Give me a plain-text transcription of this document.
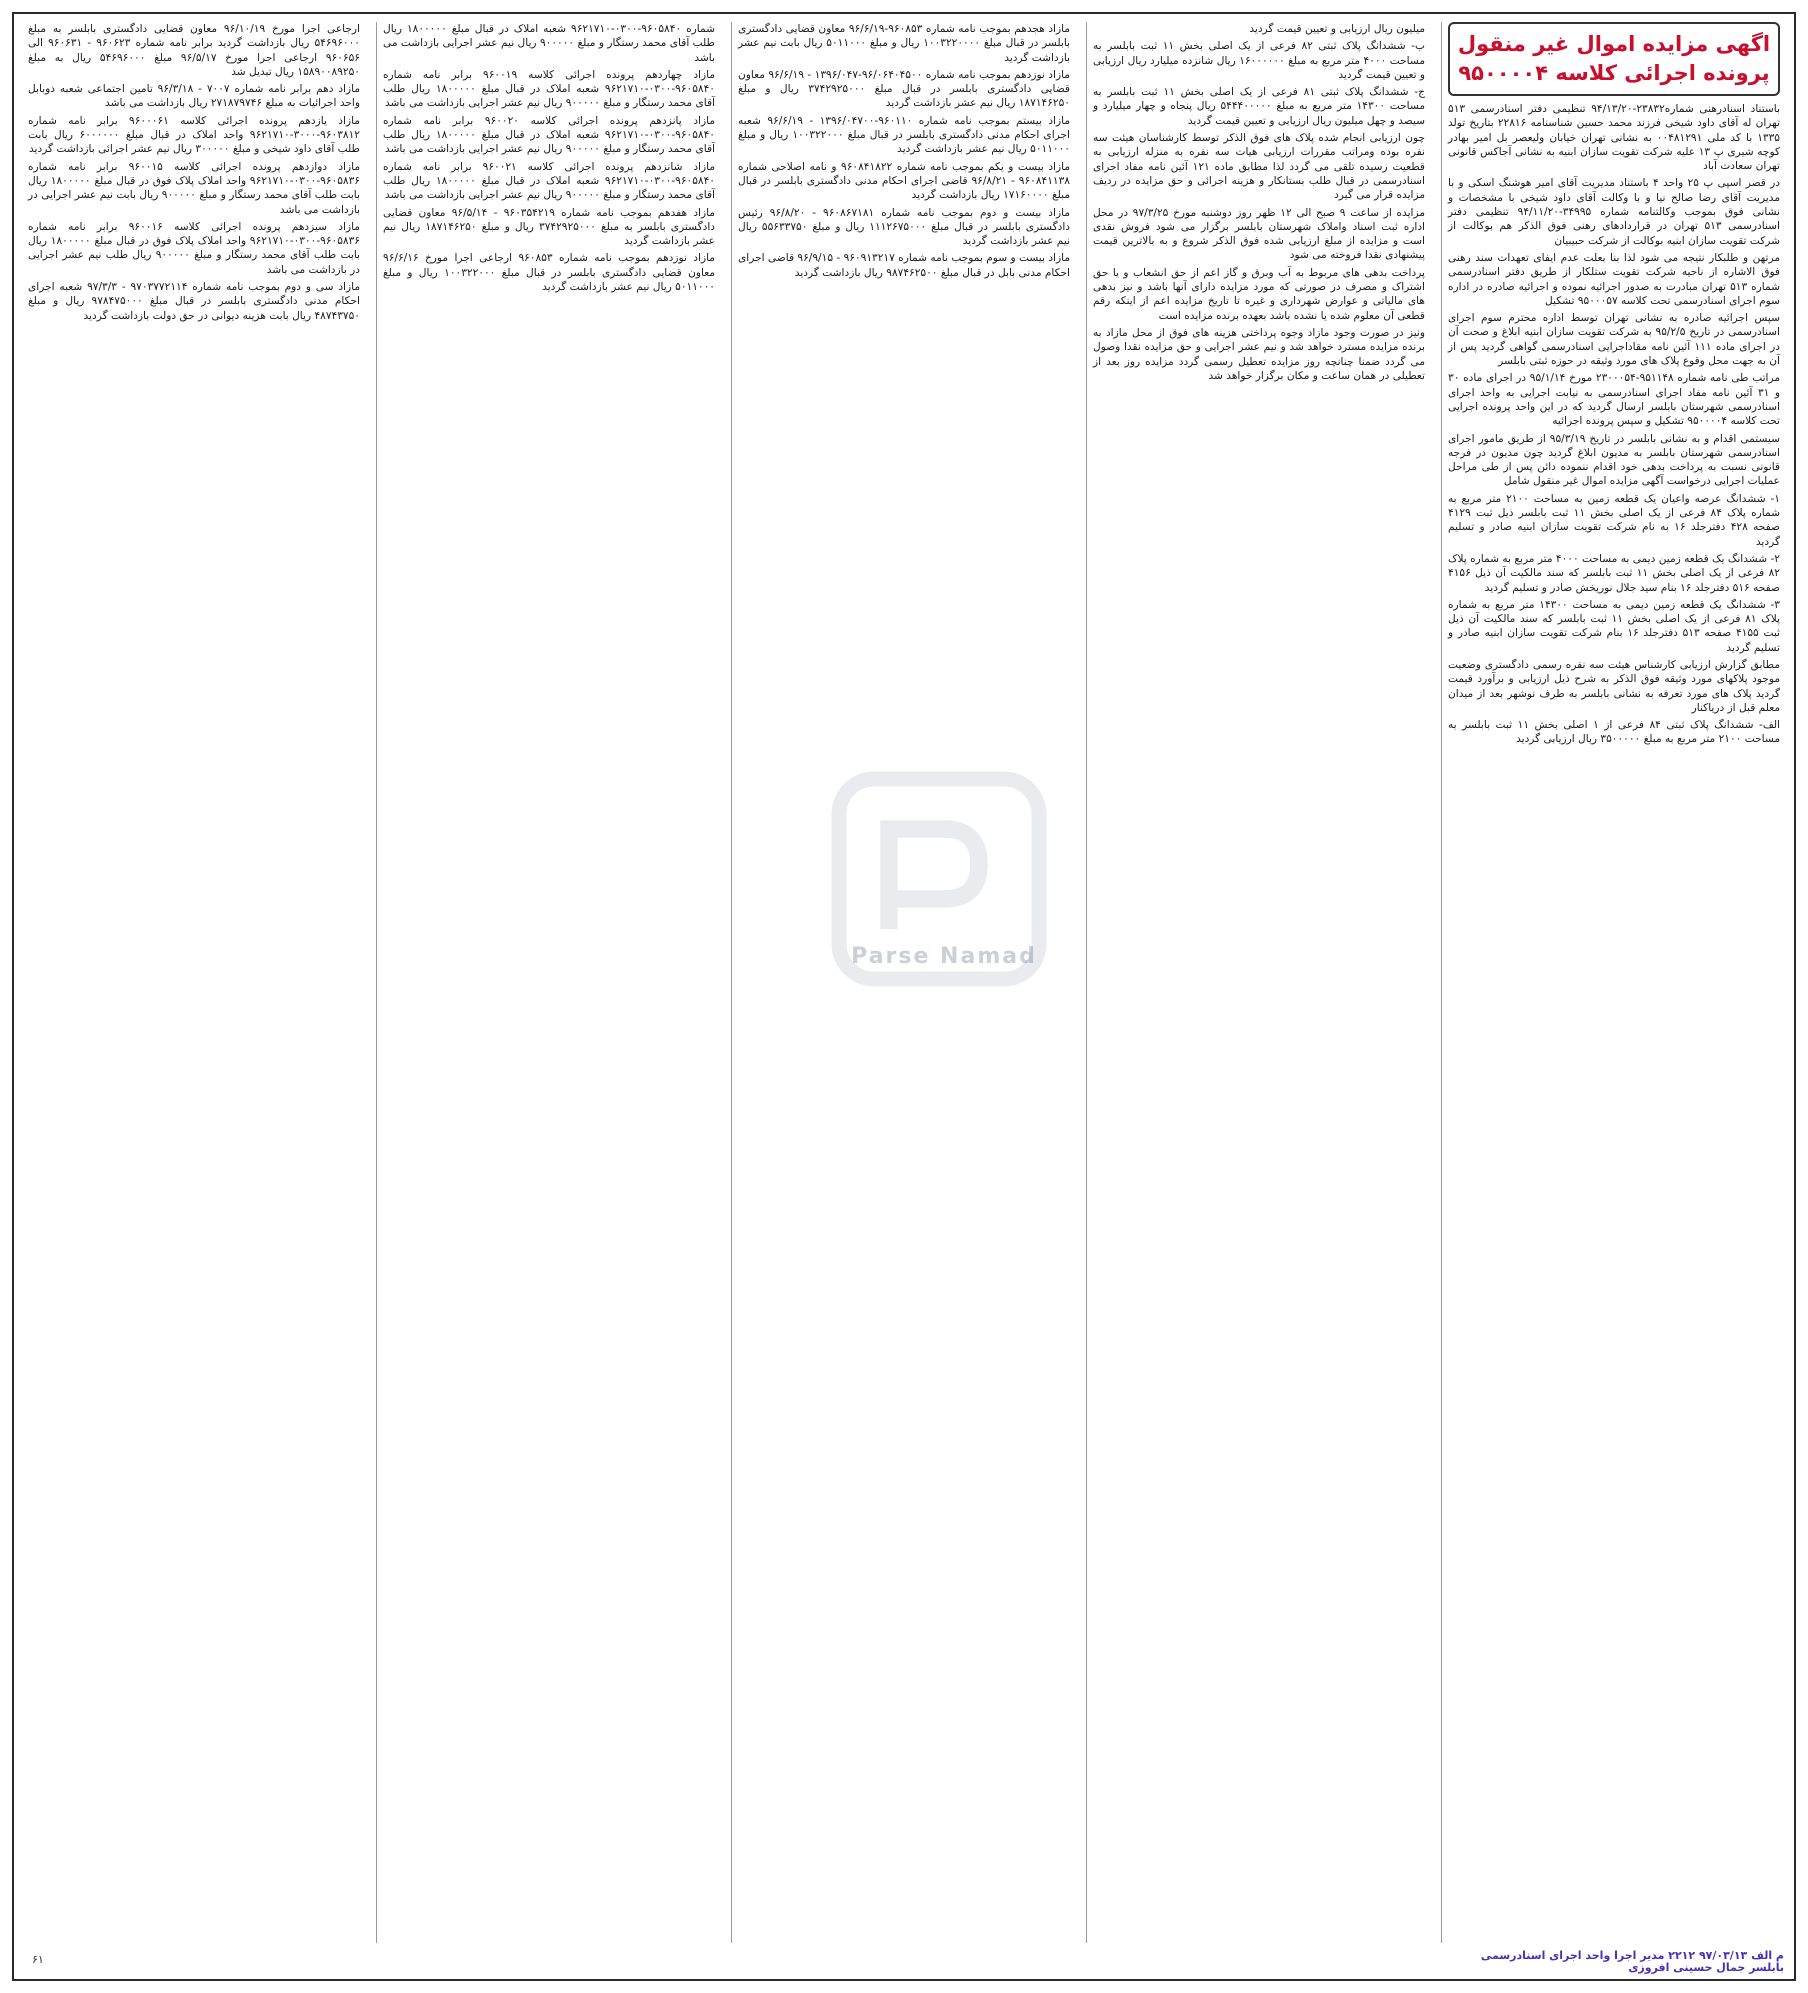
اگهی مزایده اموال غیر منقول

پرونده اجرائی کلاسه ۹۵۰۰۰۰۴

باستناد اسنادرهنی شماره۲۳۸۳۲-۹۴/۱۳/۲۰ تنظیمی دفتر اسنادرسمی ۵۱۳ تهران له آقای داود شیخی فرزند محمد حسین شناسنامه ۲۲۸۱۶ بتاریخ تولد ۱۳۳۵ با کد ملی ۰۰۴۸۱۲۹۱ به نشانی تهران خیابان ولیعصر بل امیر بهادر کوچه شیری پ ۱۳ علیه شرکت تقویت سازان ابنیه به نشانی آجاکس قانونی تهران سعادت آباد

در قصر اسپی پ ۲۵ واحد ۴ باستناد مدیریت آقای امیر هوشنگ اسکی و با مدیریت آقای رضا صالح نیا و با وکالت آقای داود شیخی با مشخصات و نشانی فوق بموجب وکالتنامه شماره ۳۴۹۹۵-۹۴/۱۱/۲۰ تنظیمی دفتر اسنادرسمی ۵۱۳ تهران در قراردادهای رهنی فوق الذکر هم بوکالت از شرکت تقویت سازان ابنیه بوکالت از شرکت حبیبیان

مرتهن و طلبکار نتیجه می شود لذا بنا بعلت عدم ایفای تعهدات سند رهنی فوق الاشاره از ناحیه شرکت تقویت ستلکار از طریق دفتر اسنادرسمی شماره ۵۱۳ تهران مبادرت به صدور اجرائیه نموده و اجرائیه صادره در اداره سوم اجرای اسنادرسمی تحت کلاسه ۹۵۰۰۰۵۷ تشکیل

سپس اجرائیه صادره به نشانی تهران توسط اداره محترم سوم اجرای اسنادرسمی در تاریخ ۹۵/۲/۵ به شرکت تقویت سازان ابنیه ابلاغ و صحت آن در اجرای ماده ۱۱۱ آئین نامه مقاداجرایی اسنادرسمی گواهی گردید پس از آن به جهت محل وقوع پلاک های مورد وثیقه در حوزه ثبتی بابلسر

مراتب طی نامه شماره ۹۵۱۱۴۸-۲۳۰۰۰۵۴ مورخ ۹۵/۱/۱۴ در اجرای ماده ۳۰ و ۳۱ آئین نامه مفاد اجرای اسنادرسمی به نیابت اجرایی به واحد اجرای اسنادرسمی شهرستان بابلسر ارسال گردید که در این واحد پرونده اجرایی تحت کلاسه ۹۵۰۰۰۰۴ تشکیل و سپس پرونده اجرائیه

سیستمی اقدام و به نشانی بابلسر در تاریخ ۹۵/۳/۱۹ از طریق مامور اجرای اسنادرسمی شهرستان بابلسر به مدیون ابلاغ گردید چون مدیون در فرجه قانونی نسبت به پرداخت بدهی خود اقدام ننموده دائن پس از طی مراحل عملیات اجرایی درخواست آگهی مزایده اموال غیر منقول شامل

۱- ششدانگ عرصه واعیان یک قطعه زمین به مساحت ۲۱۰۰ متر مربع به شماره پلاک ۸۴ فرعی از یک اصلی بخش ۱۱ ثبت بابلسر ذیل ثبت ۴۱۲۹ صفحه ۴۲۸ دفترجلد ۱۶ به نام شرکت تقویت سازان ابنیه صادر و تسلیم گردید

۲- ششدانگ یک قطعه زمین دیمی به مساحت ۴۰۰۰ متر مربع به شماره پلاک ۸۲ فرعی از یک اصلی بخش ۱۱ ثبت بابلسر که سند مالکیت آن ذیل ۴۱۵۶ صفحه ۵۱۶ دفترجلد ۱۶ بنام سید جلال نوریخش صادر و تسلیم گردید

۳- ششدانگ یک قطعه زمین دیمی به مساحت ۱۴۳۰۰ متر مربع به شماره پلاک ۸۱ فرعی از یک اصلی بخش ۱۱ ثبت بابلسر که سند مالکیت آن ذیل ثبت ۴۱۵۵ صفحه ۵۱۳ دفترجلد ۱۶ بنام شرکت تقویت سازان ابنیه صادر و تسلیم گردید

مطابق گزارش ارزیابی کارشناس هیئت سه نفره رسمی دادگستری وضعیت موجود پلاکهای مورد وثیقه فوق الذکر به شرح ذیل ارزیابی و برآورد قیمت گردید پلاک های مورد تعرفه به نشانی بابلسر به طرف نوشهر بعد از میدان معلم قبل از دریاکنار

الف- ششدانگ پلاک ثبتی ۸۴ فرعی از ۱ اصلی بخش ۱۱ ثبت بابلسر به مساحت ۲۱۰۰ متر مربع به مبلغ ۳۵۰۰۰۰۰ ریال ارزیابی گردید

میلیون ریال ارزیابی و تعیین قیمت گردید

ب- ششدانگ پلاک ثبتی ۸۲ فرعی از یک اصلی بخش ۱۱ ثبت بابلسر به مساحت ۴۰۰۰ متر مربع به مبلغ ۱۶۰۰۰۰۰۰ ریال شانزده میلیارد ریال ارزیابی و تعیین قیمت گردید

ج- ششدانگ پلاک ثبتی ۸۱ فرعی از یک اصلی بخش ۱۱ ثبت بابلسر به مساحت ۱۴۳۰۰ متر مربع به مبلغ ۵۴۴۴۰۰۰۰۰ ریال پنجاه و چهار میلیارد و سیصد و چهل میلیون ریال ارزیابی و تعیین قیمت گردید

چون ارزیابی انجام شده پلاک های فوق الذکر توسط کارشناسان هیئت سه نفره بوده ومراتب مقررات ارزیابی هیات سه نفره به منزله ارزیابی به قطعیت رسیده تلقی می گردد لذا مطابق ماده ۱۲۱ آئین نامه مفاد اجرای اسنادرسمی در قبال طلب بستانکار و هزینه اجرائی و حق مزایده در ردیف مزایده قرار می گیرد

مزایده از ساعت ۹ صبح الی ۱۲ ظهر روز دوشنبه مورخ ۹۷/۳/۲۵ در محل اداره ثبت اسناد واملاک شهرستان بابلسر برگزار می شود فروش نقدی است و مزایده از مبلغ ارزیابی شده فوق الذکر شروع و به بالاترین قیمت پیشنهادی نقدا فروخته می شود

پرداخت بدهی های مربوط به آب وبرق و گاز اعم از حق انشعاب و یا حق اشتراک و مصرف در صورتی که مورد مزایده دارای آنها باشد و نیز بدهی های مالیاتی و عوارض شهرداری و غیره تا تاریخ مزایده اعم از اینکه رقم قطعی آن معلوم شده یا نشده باشد بعهده برنده مزایده است

ونیز در صورت وجود مازاد وجوه پرداختی هزینه های فوق از محل مازاد به برنده مزایده مسترد خواهد شد و نیم عشر اجرایی و حق مزایده نقدا وصول می گردد ضمنا چنانچه روز مزایده تعطیل رسمی گردد مزایده روز بعد از تعطیلی در همان ساعت و مکان برگزار خواهد شد

مازاد هجدهم بموجب نامه شماره ۹۶۰۸۵۳-۹۶/۶/۱۹ معاون قضایی دادگستری بابلسر در قبال مبلغ ۱۰۰۳۲۲۰۰۰۰ ریال و مبلغ ۵۰۱۱۰۰۰ ریال بابت نیم عشر بازداشت گردید

مازاد نوزدهم بموجب نامه شماره ۹۶/۰۶۴۰۴۵۰۰-۱۳۹۶/۰۴۷ - ۹۶/۶/۱۹ معاون قضایی دادگستری بابلسر در قبال مبلغ ۳۷۴۲۹۲۵۰۰۰ ریال و مبلغ ۱۸۷۱۴۶۲۵۰ ریال نیم عشر بازداشت گردید

مازاد بیستم بموجب نامه شماره ۹۶۰۱۱۰-۱۳۹۶/۰۴۷۰۰ - ۹۶/۶/۱۹ شعبه اجرای احکام مدنی دادگستری بابلسر در قبال مبلغ ۱۰۰۳۲۲۰۰۰ ریال و مبلغ ۵۰۱۱۰۰۰ ریال نیم عشر بازداشت گردید

مازاد بیست و یکم بموجب نامه شماره ۹۶۰۸۴۱۸۲۲ و نامه اصلاحی شماره ۹۶۰۸۴۱۱۳۸ - ۹۶/۸/۲۱ قاضی اجرای احکام مدنی دادگستری بابلسر در قبال مبلغ ۱۷۱۶۰۰۰۰ ریال بازداشت گردید

مازاد بیست و دوم بموجب نامه شماره ۹۶۰۸۶۷۱۸۱ - ۹۶/۸/۲۰ رئیس دادگستری بابلسر در قبال مبلغ ۱۱۱۲۶۷۵۰۰۰ ریال و مبلغ ۵۵۶۳۳۷۵۰ ریال نیم عشر بازداشت گردید

مازاد بیست و سوم بموجب نامه شماره ۹۶۰۹۱۳۲۱۷ - ۹۶/۹/۱۵ قاضی اجرای احکام مدنی بابل در قبال مبلغ ۹۸۷۴۶۲۵۰۰ ریال بازداشت گردید

شماره ۹۶۰۵۸۴۰-۰۳۰۰-۹۶۲۱۷۱۰ شعبه املاک در قبال مبلغ ۱۸۰۰۰۰۰ ریال طلب آقای محمد رستگار و مبلغ ۹۰۰۰۰۰ ریال نیم عشر اجرایی بازداشت می باشد

مازاد چهاردهم پرونده اجرائی کلاسه ۹۶۰۰۱۹ برابر نامه شماره ۹۶۰۵۸۴۰-۰۳۰۰-۹۶۲۱۷۱۰ شعبه املاک در قبال مبلغ ۱۸۰۰۰۰۰ ریال طلب آقای محمد رستگار و مبلغ ۹۰۰۰۰۰ ریال نیم عشر اجرایی بازداشت می باشد

مازاد پانزدهم پرونده اجرائی کلاسه ۹۶۰۰۲۰ برابر نامه شماره ۹۶۰۵۸۴۰-۰۳۰۰-۹۶۲۱۷۱۰ شعبه املاک در قبال مبلغ ۱۸۰۰۰۰۰ ریال طلب آقای محمد رستگار و مبلغ ۹۰۰۰۰۰ ریال نیم عشر اجرایی بازداشت می باشد

مازاد شانزدهم پرونده اجرائی کلاسه ۹۶۰۰۲۱ برابر نامه شماره ۹۶۰۵۸۴۰-۰۳۰۰-۹۶۲۱۷۱۰ شعبه املاک در قبال مبلغ ۱۸۰۰۰۰۰ ریال طلب آقای محمد رستگار و مبلغ ۹۰۰۰۰۰ ریال نیم عشر اجرایی بازداشت می باشد

مازاد هفدهم بموجب نامه شماره ۹۶۰۳۵۴۲۱۹ - ۹۶/۵/۱۴ معاون قضایی دادگستری بابلسر به مبلغ ۳۷۴۲۹۲۵۰۰۰ ریال و مبلغ ۱۸۷۱۴۶۲۵۰ ریال نیم عشر بازداشت گردید

مازاد نوزدهم بموجب نامه شماره ۹۶۰۸۵۳ ارجاعی اجرا مورخ ۹۶/۶/۱۶ معاون قضایی دادگستری بابلسر در قبال مبلغ ۱۰۰۳۲۲۰۰۰ ریال و مبلغ ۵۰۱۱۰۰۰ ریال نیم عشر بازداشت گردید

ارجاعی اجرا مورخ ۹۶/۱۰/۱۹ معاون قضایی دادگستری بابلسر به مبلغ ۵۴۶۹۶۰۰۰ ریال بازداشت گردید برابر نامه شماره ۹۶۰۶۲۳ - ۹۶۰۶۳۱ الی ۹۶۰۶۵۶ ارجاعی اجرا مورخ ۹۶/۵/۱۷ مبلغ ۵۴۶۹۶۰۰۰ ریال به مبلغ ۱۵۸۹۰۰۸۹۲۵۰ ریال تبدیل شد

مازاد دهم برابر نامه شماره ۷۰۰۷ - ۹۶/۳/۱۸ تامین اجتماعی شعبه دوبابل واحد اجرائیات به مبلغ ۲۷۱۸۷۹۷۴۶ ریال بازداشت می باشد

مازاد یازدهم پرونده اجرائی کلاسه ۹۶۰۰۰۶۱ برابر نامه شماره ۹۶۰۳۸۱۲-۳۰۰۰-۹۶۲۱۷۱۰ واحد املاک در قبال مبلغ ۶۰۰۰۰۰۰ ریال بابت طلب آقای داود شیخی و مبلغ ۳۰۰۰۰۰ ریال نیم عشر اجرائی بازداشت گردید

مازاد دوازدهم پرونده اجرائی کلاسه ۹۶۰۰۱۵ برابر نامه شماره ۹۶۰۵۸۳۶-۰۳۰۰-۹۶۲۱۷۱۰ واحد املاک پلاک فوق در قبال مبلغ ۱۸۰۰۰۰۰ ریال بابت طلب آقای محمد رستگار و مبلغ ۹۰۰۰۰۰ ریال بابت نیم عشر اجرایی در بازداشت می باشد

مازاد سیزدهم پرونده اجرائی کلاسه ۹۶۰۰۱۶ برابر نامه شماره ۹۶۰۵۸۳۶-۰۳۰۰-۹۶۲۱۷۱۰ واحد املاک پلاک فوق در قبال مبلغ ۱۸۰۰۰۰۰ ریال بابت طلب آقای محمد رستگار و مبلغ ۹۰۰۰۰۰ ریال طلب نیم عشر اجرایی در بازداشت می باشد

مازاد سی و دوم بموجب نامه شماره ۹۷۰۳۷۷۲۱۱۴ - ۹۷/۳/۳ شعبه اجرای احکام مدنی دادگستری بابلسر در قبال مبلغ ۹۷۸۴۷۵۰۰۰ ریال و مبلغ ۴۸۷۴۳۷۵۰ ریال بابت هزینه دیوانی در حق دولت بازداشت گردید

Parse Namad
م الف ۹۷/۰۳/۱۳ ۲۲۱۲ مدیر اجرا واحد اجرای اسنادرسمی
بابلسر جمال حسینی افروزی
۶۱
